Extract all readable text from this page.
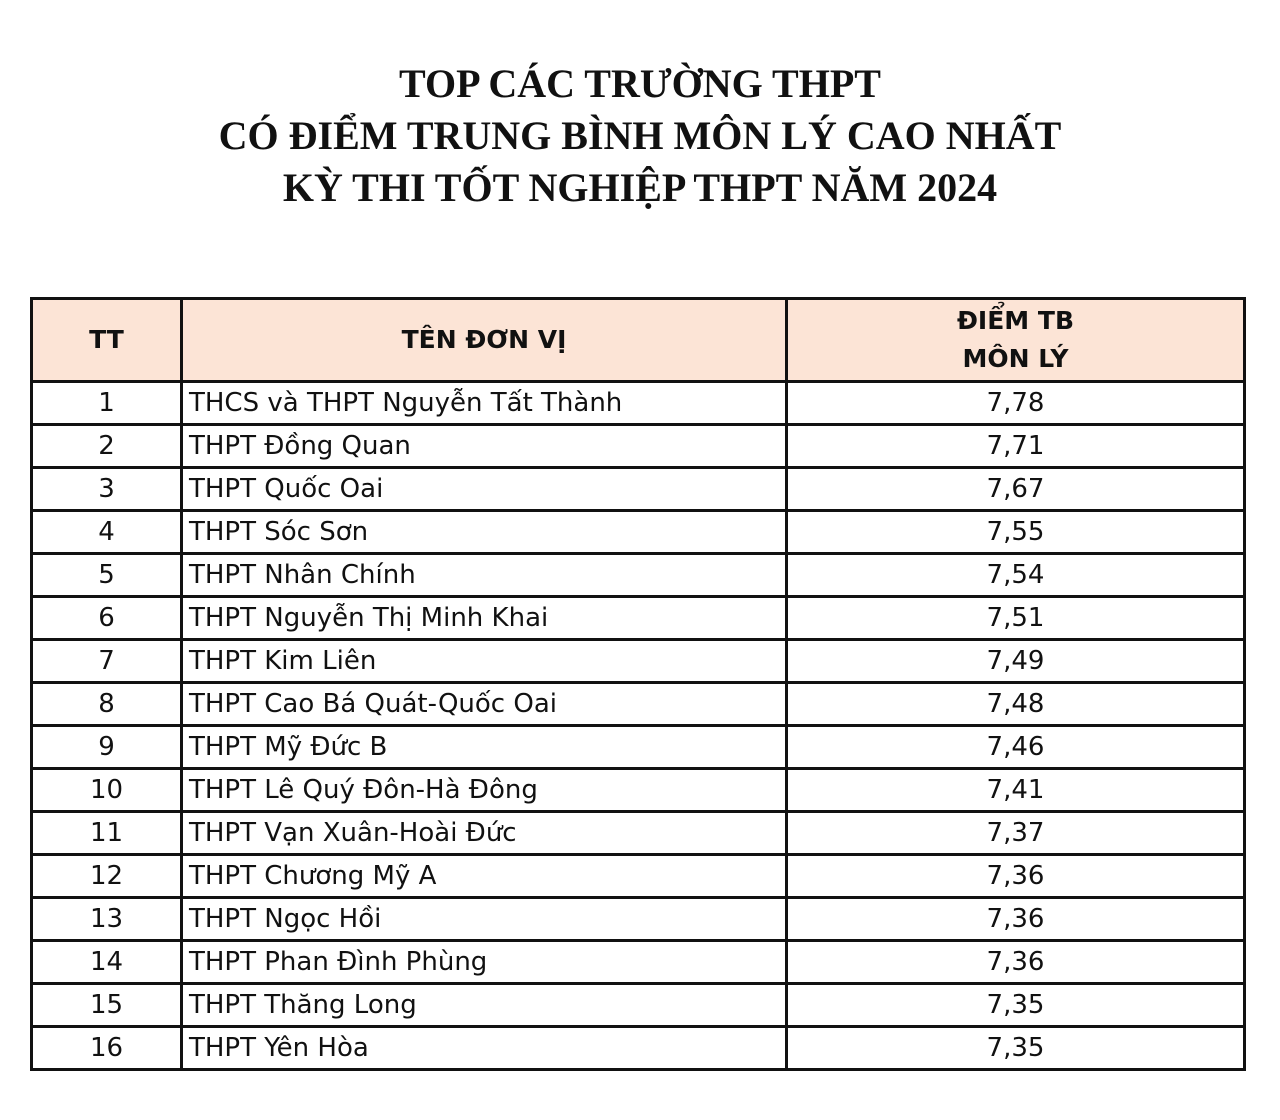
TOP CÁC TRƯỜNG THPT
CÓ ĐIỂM TRUNG BÌNH MÔN LÝ CAO NHẤT
KỲ THI TỐT NGHIỆP THPT NĂM 2024
TT	TÊN ĐƠN VỊ	ĐIỂM TB
MÔN LÝ

1	THCS và THPT Nguyễn Tất Thành	7,78
2	THPT Đồng Quan	7,71
3	THPT Quốc Oai	7,67
4	THPT Sóc Sơn	7,55
5	THPT Nhân Chính	7,54
6	THPT Nguyễn Thị Minh Khai	7,51
7	THPT Kim Liên	7,49
8	THPT Cao Bá Quát-Quốc Oai	7,48
9	THPT Mỹ Đức B	7,46
10	THPT Lê Quý Đôn-Hà Đông	7,41
11	THPT Vạn Xuân-Hoài Đức	7,37
12	THPT Chương Mỹ A	7,36
13	THPT Ngọc Hồi	7,36
14	THPT Phan Đình Phùng	7,36
15	THPT Thăng Long	7,35
16	THPT Yên Hòa	7,35
